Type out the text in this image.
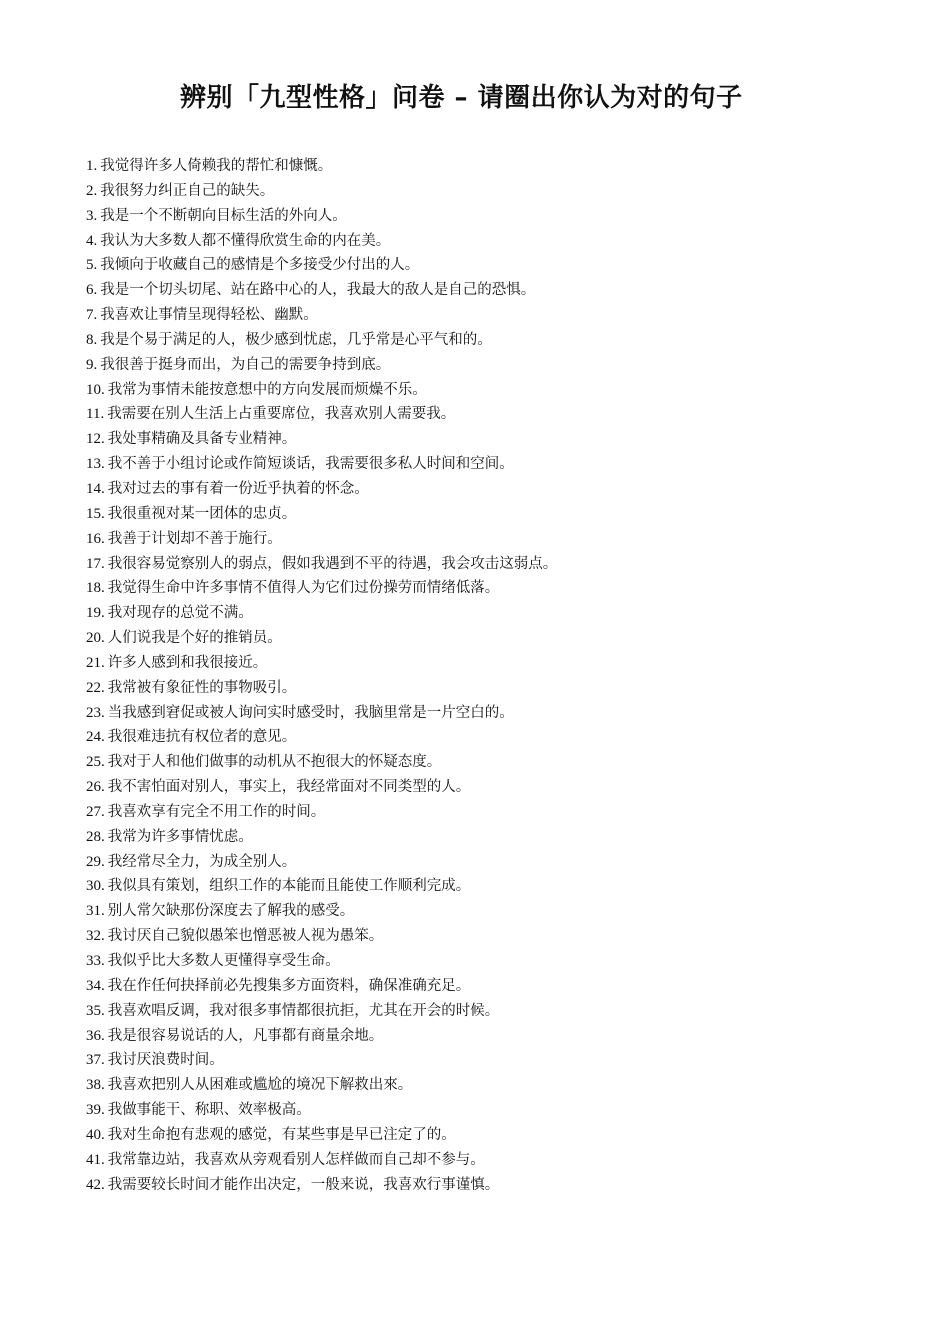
辨别「九型性格」问卷 – 请圈出你认为对的句子
1. 我觉得许多人倚赖我的帮忙和慷慨。
2. 我很努力纠正自己的缺失。
3. 我是一个不断朝向目标生活的外向人。
4. 我认为大多数人都不懂得欣赏生命的内在美。
5. 我倾向于收藏自己的感情是个多接受少付出的人。
6. 我是一个切头切尾、站在路中心的人，我最大的敌人是自己的恐惧。
7. 我喜欢让事情呈现得轻松、幽默。
8. 我是个易于满足的人，极少感到忧虑，几乎常是心平气和的。
9. 我很善于挺身而出，为自己的需要争持到底。
10. 我常为事情未能按意想中的方向发展而烦燥不乐。
11. 我需要在别人生活上占重要席位，我喜欢别人需要我。
12. 我处事精确及具备专业精神。
13. 我不善于小组讨论或作简短谈话，我需要很多私人时间和空间。
14. 我对过去的事有着一份近乎执着的怀念。
15. 我很重视对某一团体的忠贞。
16. 我善于计划却不善于施行。
17. 我很容易觉察别人的弱点，假如我遇到不平的待遇，我会攻击这弱点。
18. 我觉得生命中许多事情不值得人为它们过份操劳而情绪低落。
19. 我对现存的总觉不满。
20. 人们说我是个好的推销员。
21. 许多人感到和我很接近。
22. 我常被有象征性的事物吸引。
23. 当我感到窘促或被人询问实时感受时，我脑里常是一片空白的。
24. 我很难违抗有权位者的意见。
25. 我对于人和他们做事的动机从不抱很大的怀疑态度。
26. 我不害怕面对别人，事实上，我经常面对不同类型的人。
27. 我喜欢享有完全不用工作的时间。
28. 我常为许多事情忧虑。
29. 我经常尽全力，为成全别人。
30. 我似具有策划，组织工作的本能而且能使工作顺利完成。
31. 别人常欠缺那份深度去了解我的感受。
32. 我讨厌自己貌似愚笨也憎恶被人视为愚笨。
33. 我似乎比大多数人更懂得享受生命。
34. 我在作任何抉择前必先搜集多方面资料，确保准确充足。
35. 我喜欢唱反调，我对很多事情都很抗拒，尤其在开会的时候。
36. 我是很容易说话的人，凡事都有商量余地。
37. 我讨厌浪费时间。
38. 我喜欢把别人从困难或尴尬的境况下解救出來。
39. 我做事能干、称职、效率极高。
40. 我对生命抱有悲观的感觉，有某些事是早已注定了的。
41. 我常靠边站，我喜欢从旁观看别人怎样做而自己却不参与。
42. 我需要较长时间才能作出决定，一般来说，我喜欢行事谨慎。
